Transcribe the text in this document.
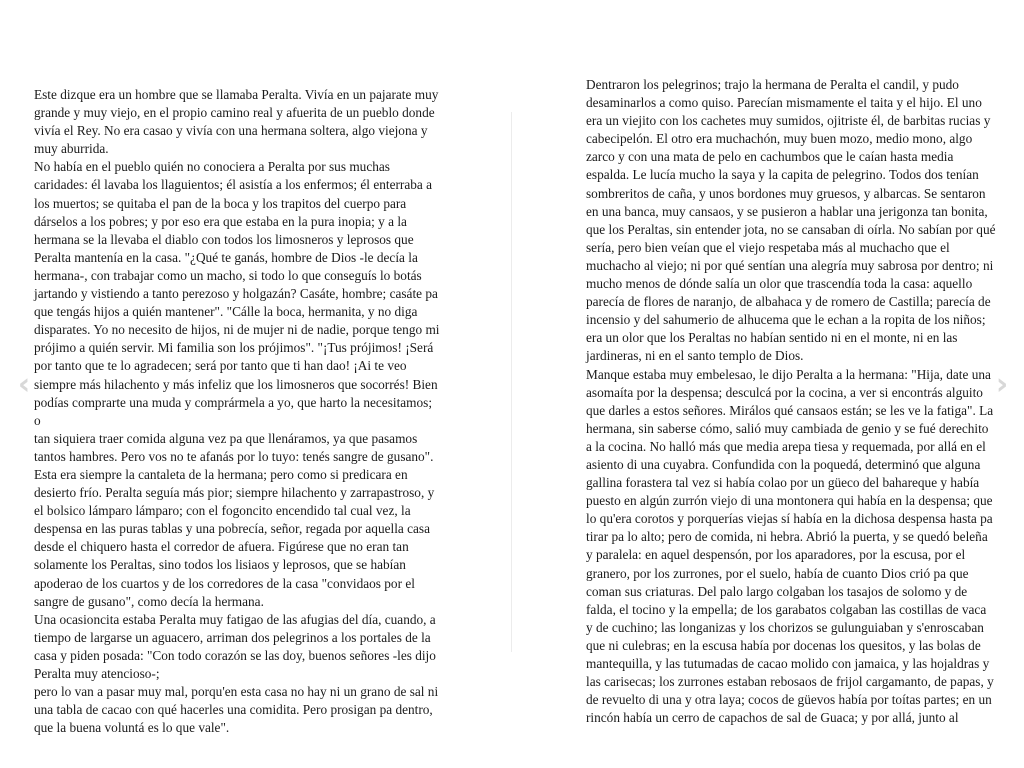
Este dizque era un hombre que se llamaba Peralta. Vivía en un pajarate muy
grande y muy viejo, en el propio camino real y afuerita de un pueblo donde
vivía el Rey. No era casao y vivía con una hermana soltera, algo viejona y
muy aburrida.
No había en el pueblo quién no conociera a Peralta por sus muchas
caridades: él lavaba los llaguientos; él asistía a los enfermos; él enterraba a
los muertos; se quitaba el pan de la boca y los trapitos del cuerpo para
dárselos a los pobres; y por eso era que estaba en la pura inopia; y a la
hermana se la llevaba el diablo con todos los limosneros y leprosos que
Peralta mantenía en la casa. "¿Qué te ganás, hombre de Dios -le decía la
hermana-, con trabajar como un macho, si todo lo que conseguís lo botás
jartando y vistiendo a tanto perezoso y holgazán? Casáte, hombre; casáte pa
que tengás hijos a quién mantener". "Cálle la boca, hermanita, y no diga
disparates. Yo no necesito de hijos, ni de mujer ni de nadie, porque tengo mi
prójimo a quién servir. Mi familia son los prójimos". "¡Tus prójimos! ¡Será
por tanto que te lo agradecen; será por tanto que ti han dao! ¡Ai te veo
siempre más hilachento y más infeliz que los limosneros que socorrés! Bien
podías comprarte una muda y comprármela a yo, que harto la necesitamos; o
tan siquiera traer comida alguna vez pa que llenáramos, ya que pasamos
tantos hambres. Pero vos no te afanás por lo tuyo: tenés sangre de gusano".
Esta era siempre la cantaleta de la hermana; pero como si predicara en
desierto frío. Peralta seguía más pior; siempre hilachento y zarrapastroso, y
el bolsico lámparo lámparo; con el fogoncito encendido tal cual vez, la
despensa en las puras tablas y una pobrecía, señor, regada por aquella casa
desde el chiquero hasta el corredor de afuera. Figúrese que no eran tan
solamente los Peraltas, sino todos los lisiaos y leprosos, que se habían
apoderao de los cuartos y de los corredores de la casa "convidaos por el
sangre de gusano", como decía la hermana.
Una ocasioncita estaba Peralta muy fatigao de las afugias del día, cuando, a
tiempo de largarse un aguacero, arriman dos pelegrinos a los portales de la
casa y piden posada: "Con todo corazón se las doy, buenos señores -les dijo
Peralta muy atencioso-;
pero lo van a pasar muy mal, porqu'en esta casa no hay ni un grano de sal ni
una tabla de cacao con qué hacerles una comidita. Pero prosigan pa dentro,
que la buena voluntá es lo que vale".
Dentraron los pelegrinos; trajo la hermana de Peralta el candil, y pudo
desaminarlos a como quiso. Parecían mismamente el taita y el hijo. El uno
era un viejito con los cachetes muy sumidos, ojitriste él, de barbitas rucias y
cabecipelón. El otro era muchachón, muy buen mozo, medio mono, algo
zarco y con una mata de pelo en cachumbos que le caían hasta media
espalda. Le lucía mucho la saya y la capita de pelegrino. Todos dos tenían
sombreritos de caña, y unos bordones muy gruesos, y albarcas. Se sentaron
en una banca, muy cansaos, y se pusieron a hablar una jerigonza tan bonita,
que los Peraltas, sin entender jota, no se cansaban di oírla. No sabían por qué
sería, pero bien veían que el viejo respetaba más al muchacho que el
muchacho al viejo; ni por qué sentían una alegría muy sabrosa por dentro; ni
mucho menos de dónde salía un olor que trascendía toda la casa: aquello
parecía de flores de naranjo, de albahaca y de romero de Castilla; parecía de
incensio y del sahumerio de alhucema que le echan a la ropita de los niños;
era un olor que los Peraltas no habían sentido ni en el monte, ni en las
jardineras, ni en el santo templo de Dios.
Manque estaba muy embelesao, le dijo Peralta a la hermana: "Hija, date una
asomaíta por la despensa; desculcá por la cocina, a ver si encontrás alguito
que darles a estos señores. Mirálos qué cansaos están; se les ve la fatiga". La
hermana, sin saberse cómo, salió muy cambiada de genio y se fué derechito
a la cocina. No halló más que media arepa tiesa y requemada, por allá en el
asiento di una cuyabra. Confundida con la poquedá, determinó que alguna
gallina forastera tal vez si había colao por un güeco del bahareque y había
puesto en algún zurrón viejo di una montonera qui había en la despensa; que
lo qu'era corotos y porquerías viejas sí había en la dichosa despensa hasta pa
tirar pa lo alto; pero de comida, ni hebra. Abrió la puerta, y se quedó beleña
y paralela: en aquel despensón, por los aparadores, por la escusa, por el
granero, por los zurrones, por el suelo, había de cuanto Dios crió pa que
coman sus criaturas. Del palo largo colgaban los tasajos de solomo y de
falda, el tocino y la empella; de los garabatos colgaban las costillas de vaca
y de cuchino; las longanizas y los chorizos se gulunguiaban y s'enroscaban
que ni culebras; en la escusa había por docenas los quesitos, y las bolas de
mantequilla, y las tutumadas de cacao molido con jamaica, y las hojaldras y
las carisecas; los zurrones estaban rebosaos de frijol cargamanto, de papas, y
de revuelto di una y otra laya; cocos de güevos había por toítas partes; en un
rincón había un cerro de capachos de sal de Guaca; y por allá, junto al
‹	›
